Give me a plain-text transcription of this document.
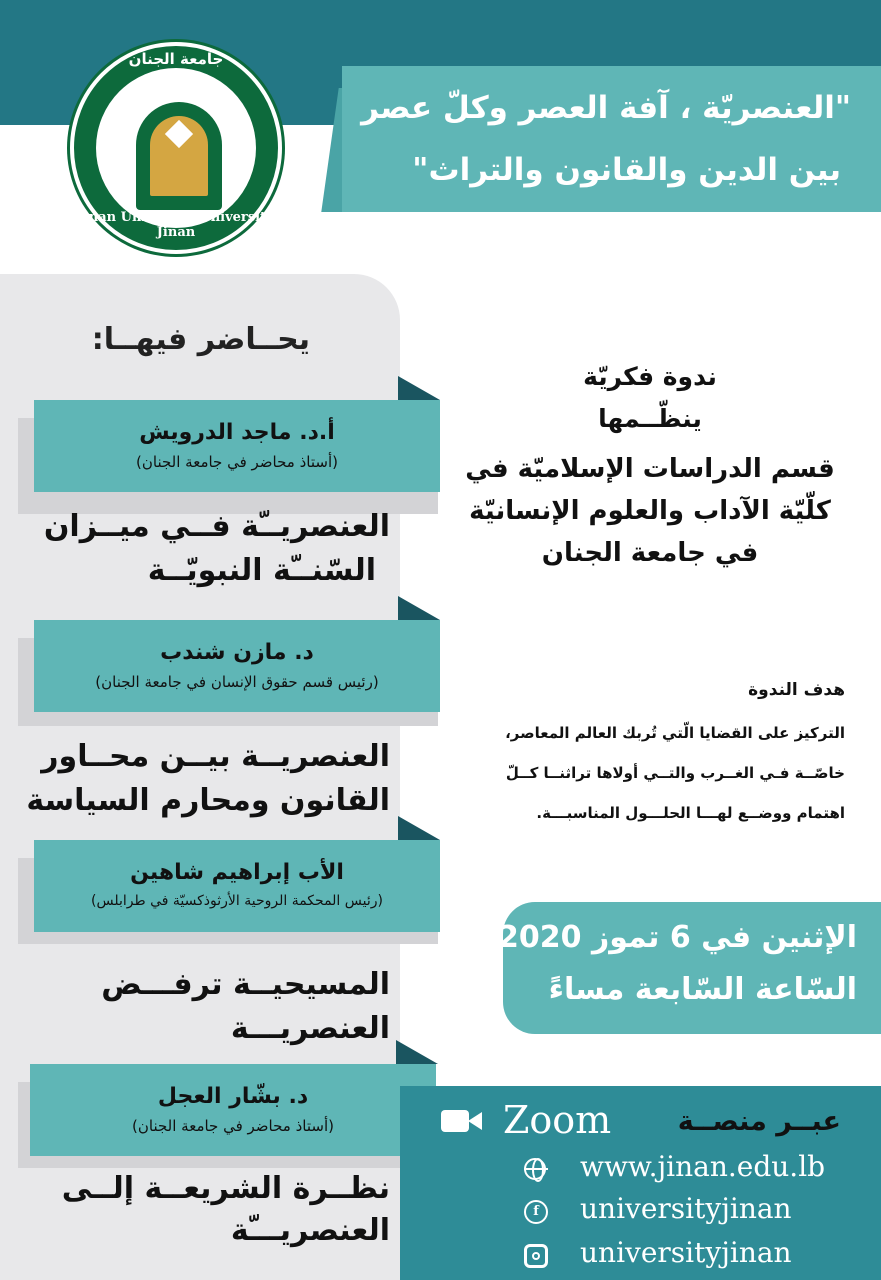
"العنصريّة ، آفة العصر وكلّ عصر
بين الدين والقانون والتراث"
جامعة الجنان
Jinan University Université Jinan
يحــاضر فيهــا:
أ.د. ماجد الدرويش
(أستاذ محاضر في جامعة الجنان)
العنصريــّة فــي ميــزان
السّنــّة النبويّــة
د. مازن شندب
(رئيس قسم حقوق الإنسان في جامعة الجنان)
العنصريــة بيــن محــاور
القانون ومحارم السياسة
الأب إبراهيم شاهين
(رئيس المحكمة الروحية الأرثوذكسيّة في طرابلس)
المسيحيــة ترفـــض
العنصريـــة
د. بشّار العجل
(أستاذ محاضر في جامعة الجنان)
نظــرة الشريعــة إلــى
العنصريـــّة
ندوة فكريّة
ينظّــمها
قسم الدراسات الإسلاميّة في
كلّيّة الآداب والعلوم الإنسانيّة
في جامعة الجنان
هدف الندوة
التركيز على القضايا الّتي تُربك العالم المعاصر،
خاصّــة فـي الغــرب والتــي أولاها تراثنــا كــلّ
اهتمام ووضــع لهـــا الحلـــول المناسبـــة.
الإثنين في 6 تموز 2020
السّاعة السّابعة مساءً
Zoom عبــر منصــة
www.jinan.edu.lb
f	universityjinan
universityjinan
